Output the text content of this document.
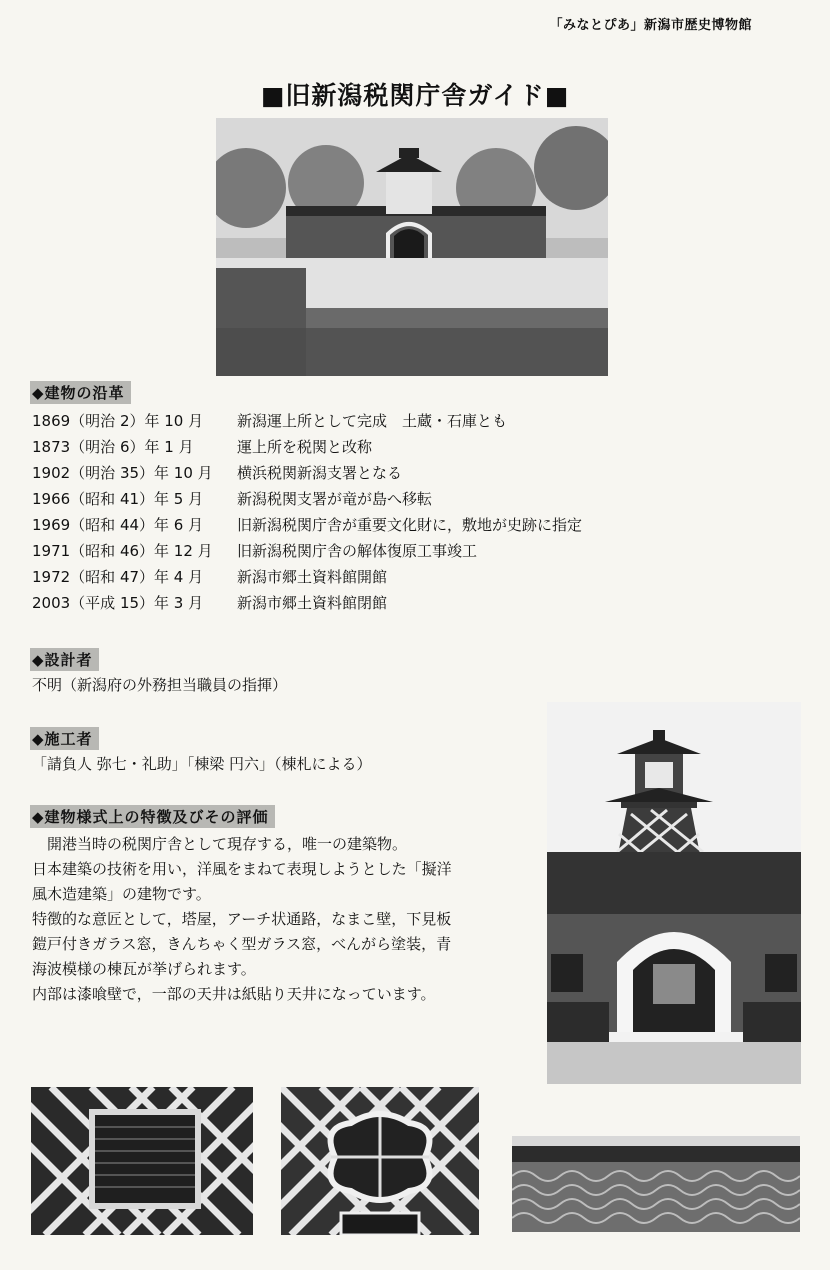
「みなとぴあ」新潟市歴史博物館
■旧新潟税関庁舎ガイド■
◆建物の沿革
1869（明治 2）年 10 月 新潟運上所として完成　土蔵・石庫とも
1873（明治 6）年 1 月	運上所を税関と改称
1902（明治 35）年 10 月 横浜税関新潟支署となる
1966（昭和 41）年 5 月 新潟税関支署が竜が島へ移転
1969（昭和 44）年 6 月 旧新潟税関庁舎が重要文化財に，敷地が史跡に指定
1971（昭和 46）年 12 月 旧新潟税関庁舎の解体復原工事竣工
1972（昭和 47）年 4 月 新潟市郷土資料館開館
2003（平成 15）年 3 月 新潟市郷土資料館閉館
◆設計者
不明（新潟府の外務担当職員の指揮）
◆施工者
「請負人 弥七・礼助」「棟梁 円六」（棟札による）
◆建物様式上の特徴及びその評価
　開港当時の税関庁舎として現存する，唯一の建築物。
日本建築の技術を用い，洋風をまねて表現しようとした「擬洋
風木造建築」の建物です。
特徴的な意匠として，塔屋，アーチ状通路，なまこ壁，下見板
鎧戸付きガラス窓，きんちゃく型ガラス窓，べんがら塗装，青
海波模様の棟瓦が挙げられます。
内部は漆喰壁で，一部の天井は紙貼り天井になっています。
